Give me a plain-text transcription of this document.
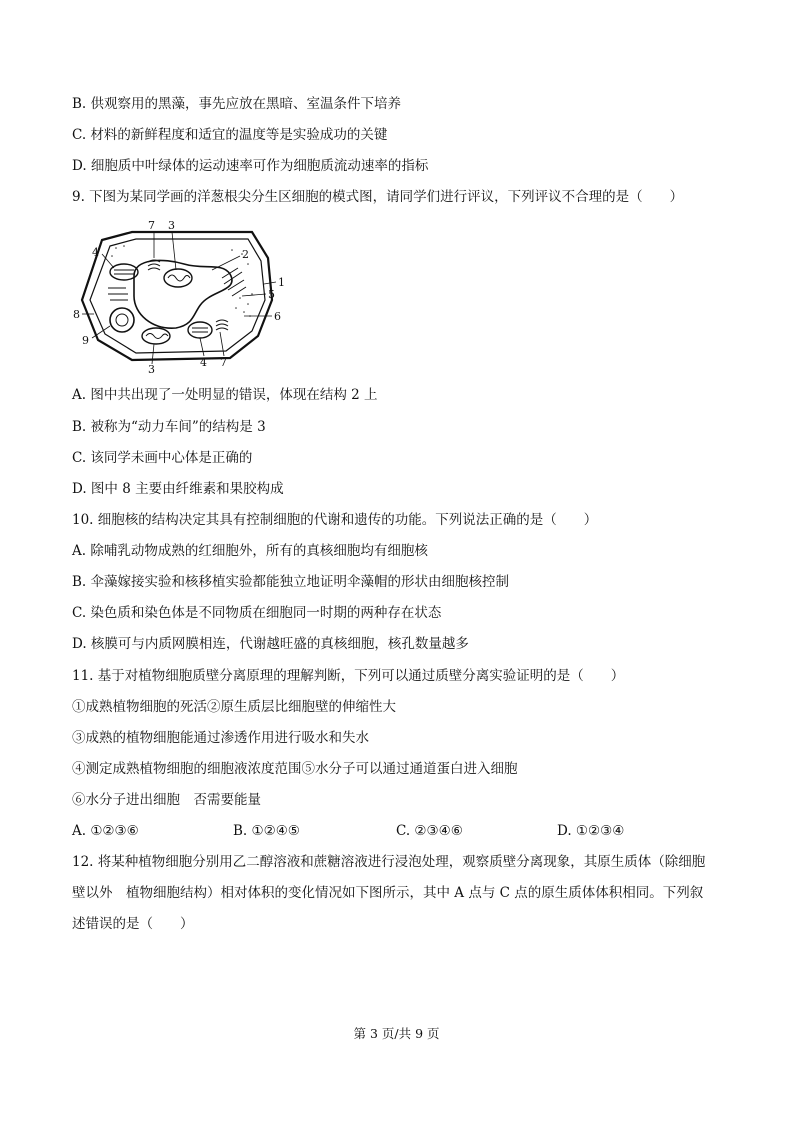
B. 供观察用的黑藻，事先应放在黑暗、室温条件下培养
C. 材料的新鲜程度和适宜的温度等是实验成功的关键
D. 细胞质中叶绿体的运动速率可作为细胞质流动速率的指标
9. 下图为某同学画的洋葱根尖分生区细胞的模式图，请同学们进行评议，下列评议不合理的是（　　）
7 3
4	2
1
5
6
8
9
3
4 7
A. 图中共出现了一处明显的错误，体现在结构 2 上
B. 被称为“动力车间”的结构是 3
C. 该同学未画中心体是正确的
D. 图中 8 主要由纤维素和果胶构成
10. 细胞核的结构决定其具有控制细胞的代谢和遗传的功能。下列说法正确的是（　　）
A. 除哺乳动物成熟的红细胞外，所有的真核细胞均有细胞核
B. 伞藻嫁接实验和核移植实验都能独立地证明伞藻帽的形状由细胞核控制
C. 染色质和染色体是不同物质在细胞同一时期的两种存在状态
D. 核膜可与内质网膜相连，代谢越旺盛的真核细胞，核孔数量越多
11. 基于对植物细胞质壁分离原理的理解判断，下列可以通过质壁分离实验证明的是（　　）
①成熟植物细胞的死活②原生质层比细胞壁的伸缩性大
③成熟的植物细胞能通过渗透作用进行吸水和失水
④测定成熟植物细胞的细胞液浓度范围⑤水分子可以通过通道蛋白进入细胞
⑥水分子进出细胞　否需要能量
A. ①②③⑥	B. ①②④⑤	C. ②③④⑥	D. ①②③④
12. 将某种植物细胞分别用乙二醇溶液和蔗糖溶液进行浸泡处理，观察质壁分离现象，其原生质体（除细胞
壁以外　植物细胞结构）相对体积的变化情况如下图所示，其中 A 点与 C 点的原生质体体积相同。下列叙
述错误的是（　　）
第 3 页/共 9 页
